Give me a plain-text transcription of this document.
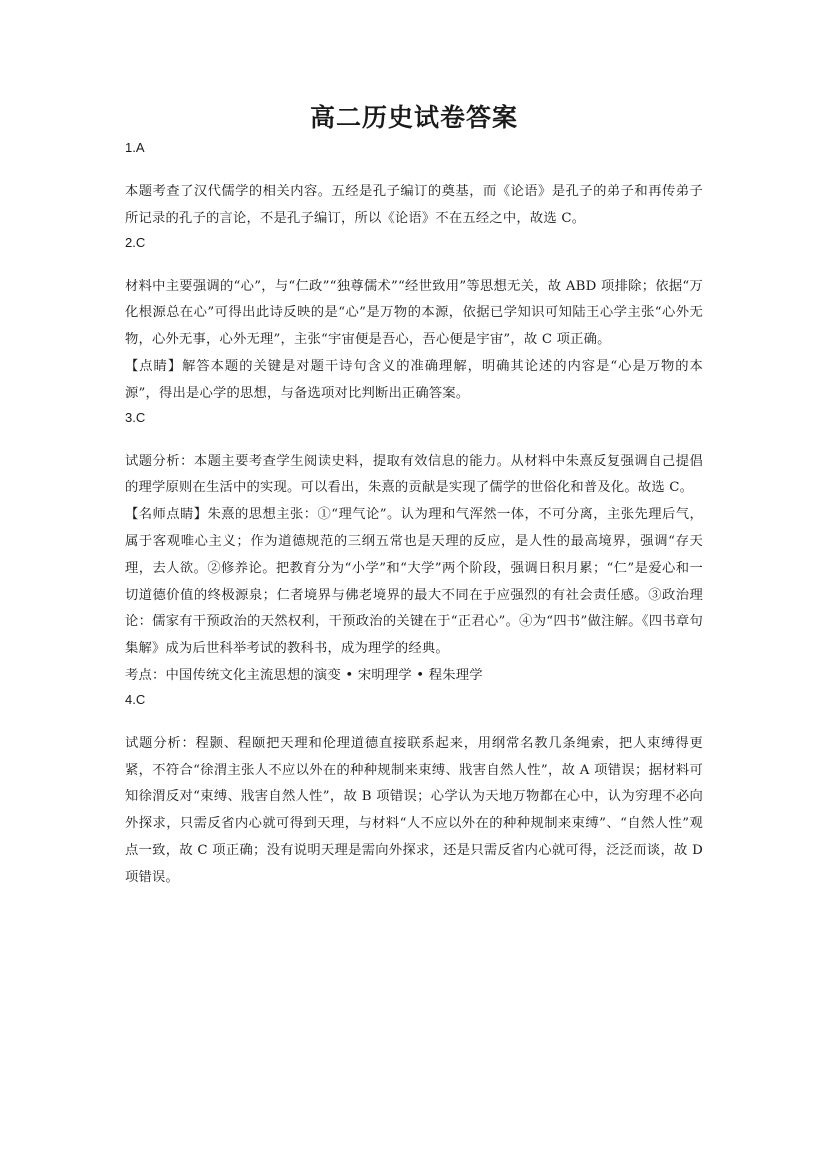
高二历史试卷答案
1.A

本题考查了汉代儒学的相关内容。五经是孔子编订的奠基，而《论语》是孔子的弟子和再传弟子所记录的孔子的言论，不是孔子编订，所以《论语》不在五经之中，故选 C。

2.C

材料中主要强调的“心”，与“仁政”“独尊儒术”“经世致用”等思想无关，故 ABD 项排除；依据“万化根源总在心”可得出此诗反映的是“心”是万物的本源，依据已学知识可知陆王心学主张“心外无物，心外无事，心外无理”，主张“宇宙便是吾心，吾心便是宇宙”，故 C 项正确。

【点睛】解答本题的关键是对题干诗句含义的准确理解，明确其论述的内容是“心是万物的本源”，得出是心学的思想，与备选项对比判断出正确答案。

3.C

试题分析：本题主要考查学生阅读史料，提取有效信息的能力。从材料中朱熹反复强调自己提倡的理学原则在生活中的实现。可以看出，朱熹的贡献是实现了儒学的世俗化和普及化。故选 C。

【名师点睛】朱熹的思想主张：①“理气论”。认为理和气浑然一体，不可分离，主张先理后气，属于客观唯心主义；作为道德规范的三纲五常也是天理的反应，是人性的最高境界，强调“存天理，去人欲。②修养论。把教育分为“小学”和“大学”两个阶段，强调日积月累；“仁”是爱心和一切道德价值的终极源泉；仁者境界与佛老境界的最大不同在于应强烈的有社会责任感。③政治理论：儒家有干预政治的天然权利，干预政治的关键在于“正君心”。④为“四书”做注解。《四书章句集解》成为后世科举考试的教科书，成为理学的经典。

考点：中国传统文化主流思想的演变 • 宋明理学 • 程朱理学

4.C

试题分析：程颢、程颐把天理和伦理道德直接联系起来，用纲常名教几条绳索，把人束缚得更紧，不符合“徐渭主张人不应以外在的种种规制来束缚、戕害自然人性”，故 A 项错误；据材料可知徐渭反对“束缚、戕害自然人性”，故 B 项错误；心学认为天地万物都在心中，认为穷理不必向外探求，只需反省内心就可得到天理，与材料“人不应以外在的种种规制来束缚”、“自然人性”观点一致，故 C 项正确；没有说明天理是需向外探求，还是只需反省内心就可得，泛泛而谈，故 D 项错误。
